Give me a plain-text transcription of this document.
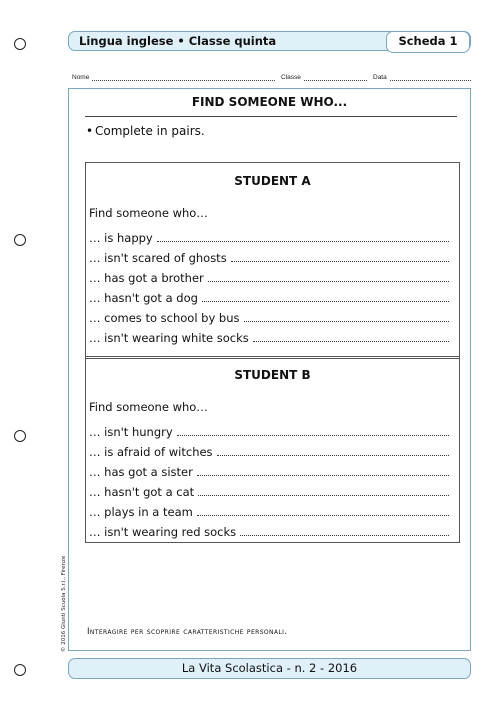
Lingua inglese • Classe quinta	Scheda 1
Nome	Classe	Data
FIND SOMEONE WHO...
• Complete in pairs.
STUDENT A
Find someone who…
… is happy
… isn't scared of ghosts
… has got a brother
… hasn't got a dog
… comes to school by bus
… isn't wearing white socks
STUDENT B
Find someone who…
… isn't hungry
… is afraid of witches
… has got a sister
… hasn't got a cat
… plays in a team
… isn't wearing red socks
Interagire per scoprire caratteristiche personali.
La Vita Scolastica - n. 2 - 2016
© 2016 Giunti Scuola S.r.l., Firenze
